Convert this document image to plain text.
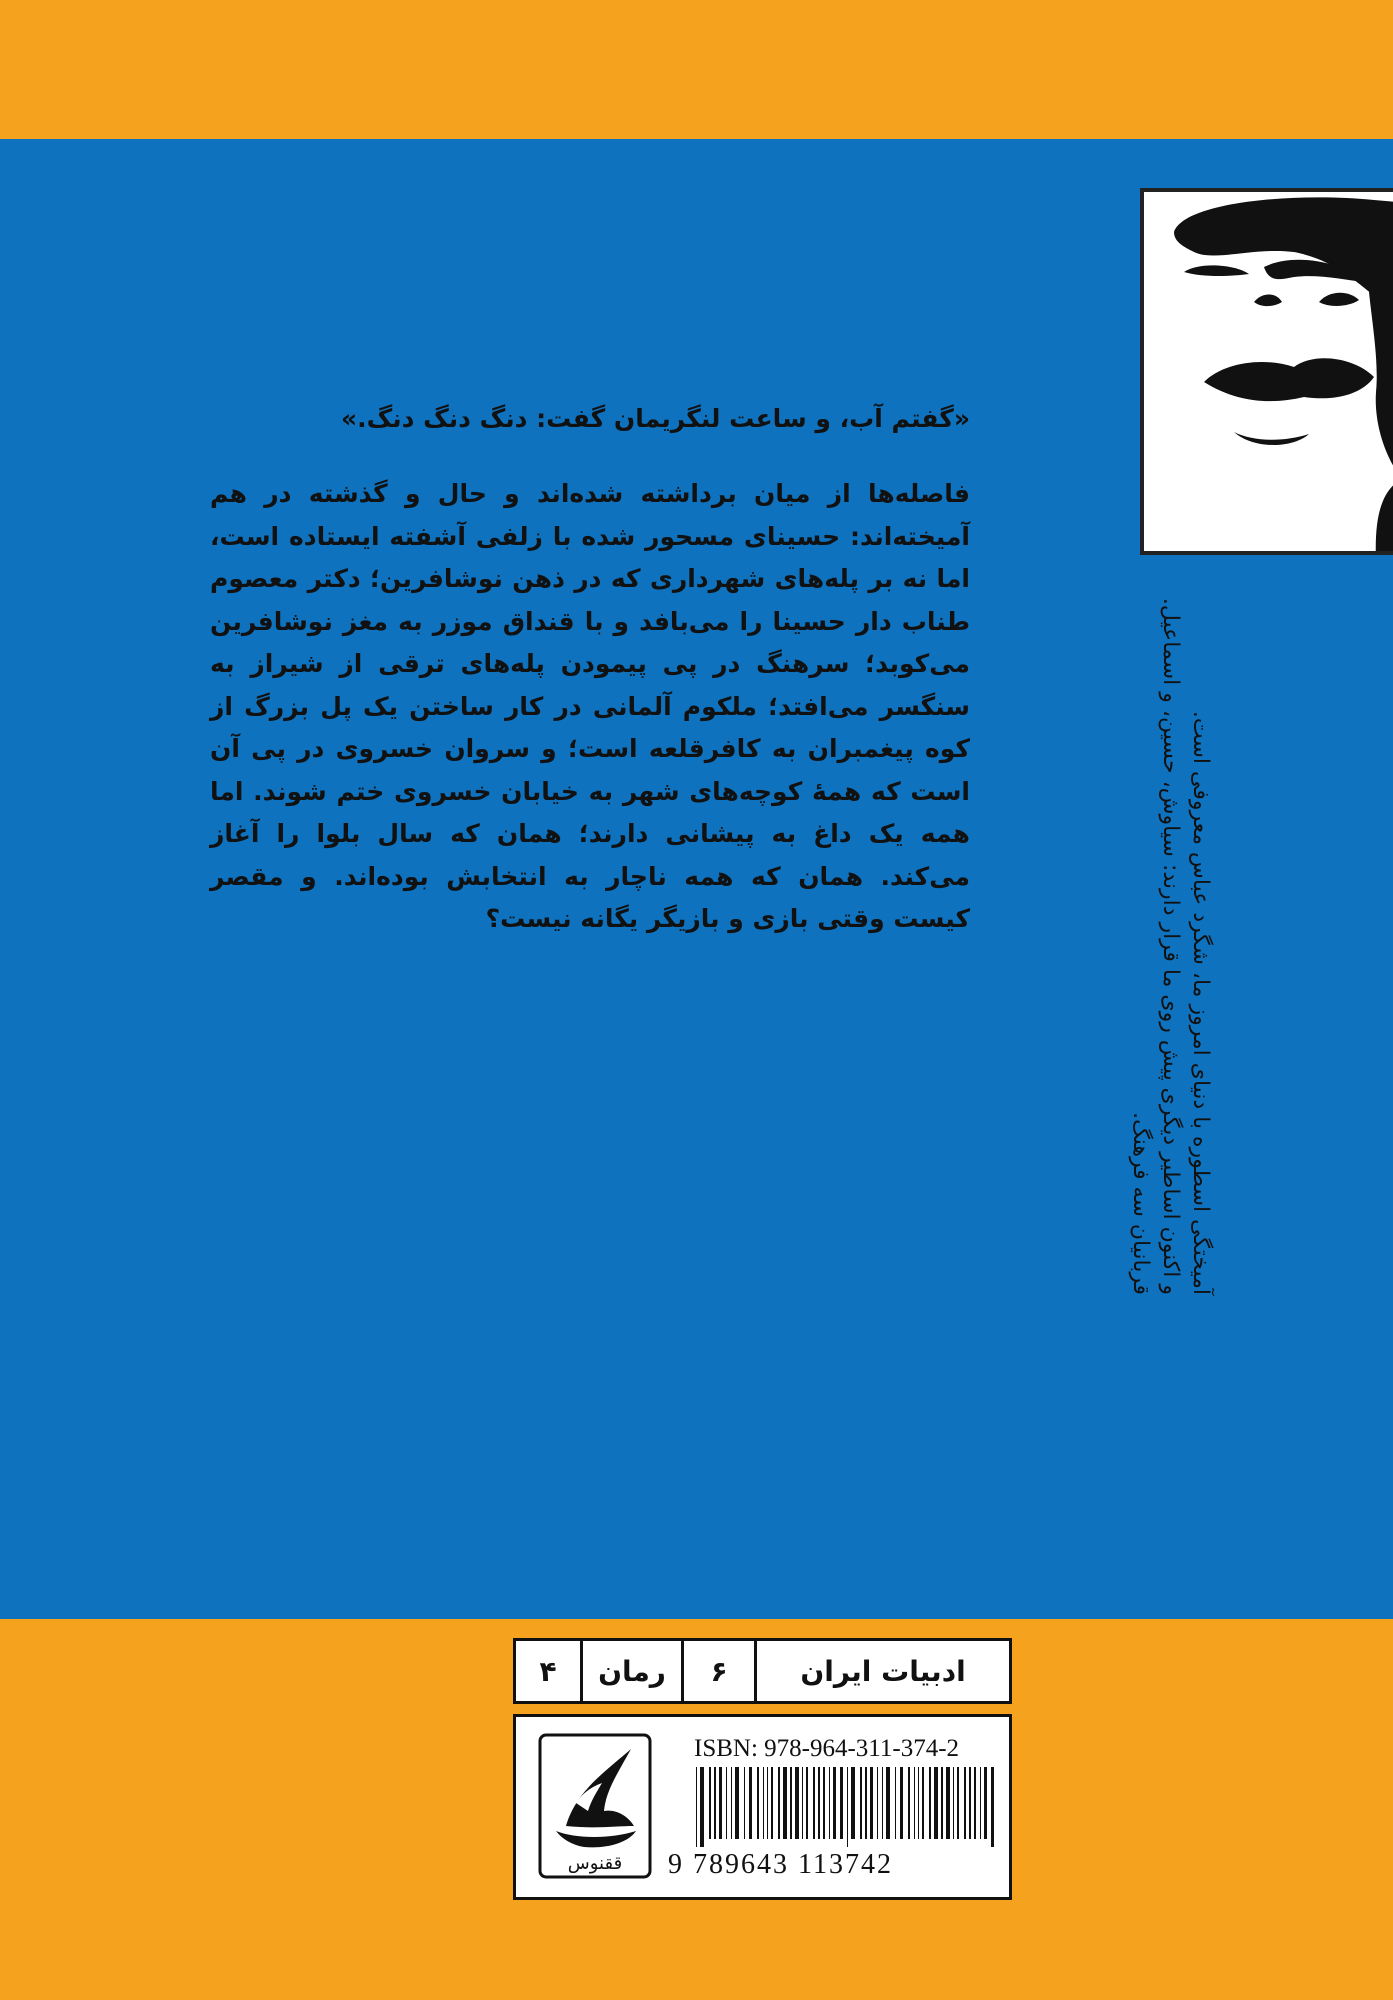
«گفتم آب، و ساعت لنگریمان گفت: دنگ دنگ دنگ.»
فاصله‌ها از میان برداشته شده‌اند و حال و گذشته در هم آمیخته‌اند: حسینای مسحور شده با زلفی آشفته ایستاده است، اما نه بر پله‌های شهرداری که در ذهن نوشافرین؛ دکتر معصوم طناب دار حسینا را می‌بافد و با قنداق موزر به مغز نوشافرین می‌کوبد؛ سرهنگ در پی پیمودن پله‌های ترقی از شیراز به سنگسر می‌افتد؛ ملکوم آلمانی در کار ساختن یک پل بزرگ از کوه پیغمبران به کافرقلعه است؛ و سروان خسروی در پی آن است که همهٔ کوچه‌های شهر به خیابان خسروی ختم شوند. اما همه یک داغ به پیشانی دارند؛ همان که سال بلوا را آغاز می‌کند. همان که همه ناچار به انتخابش بوده‌اند. و مقصر کیست وقتی بازی و بازیگر یگانه نیست؟	آمیختگی اسطوره با دنیای امروز ما، شگرد عباس معروفی است.
و اکنون اساطیر دیگری پیش روی ما قرار دارند: سیاوش، حسین، و اسماعیل.
قربانیان سه فرهنگ.
ادبیات ایران
۶
رمان
۴
ISBN: 978-964-311-374-2
9 789643 113742
ققنوس
